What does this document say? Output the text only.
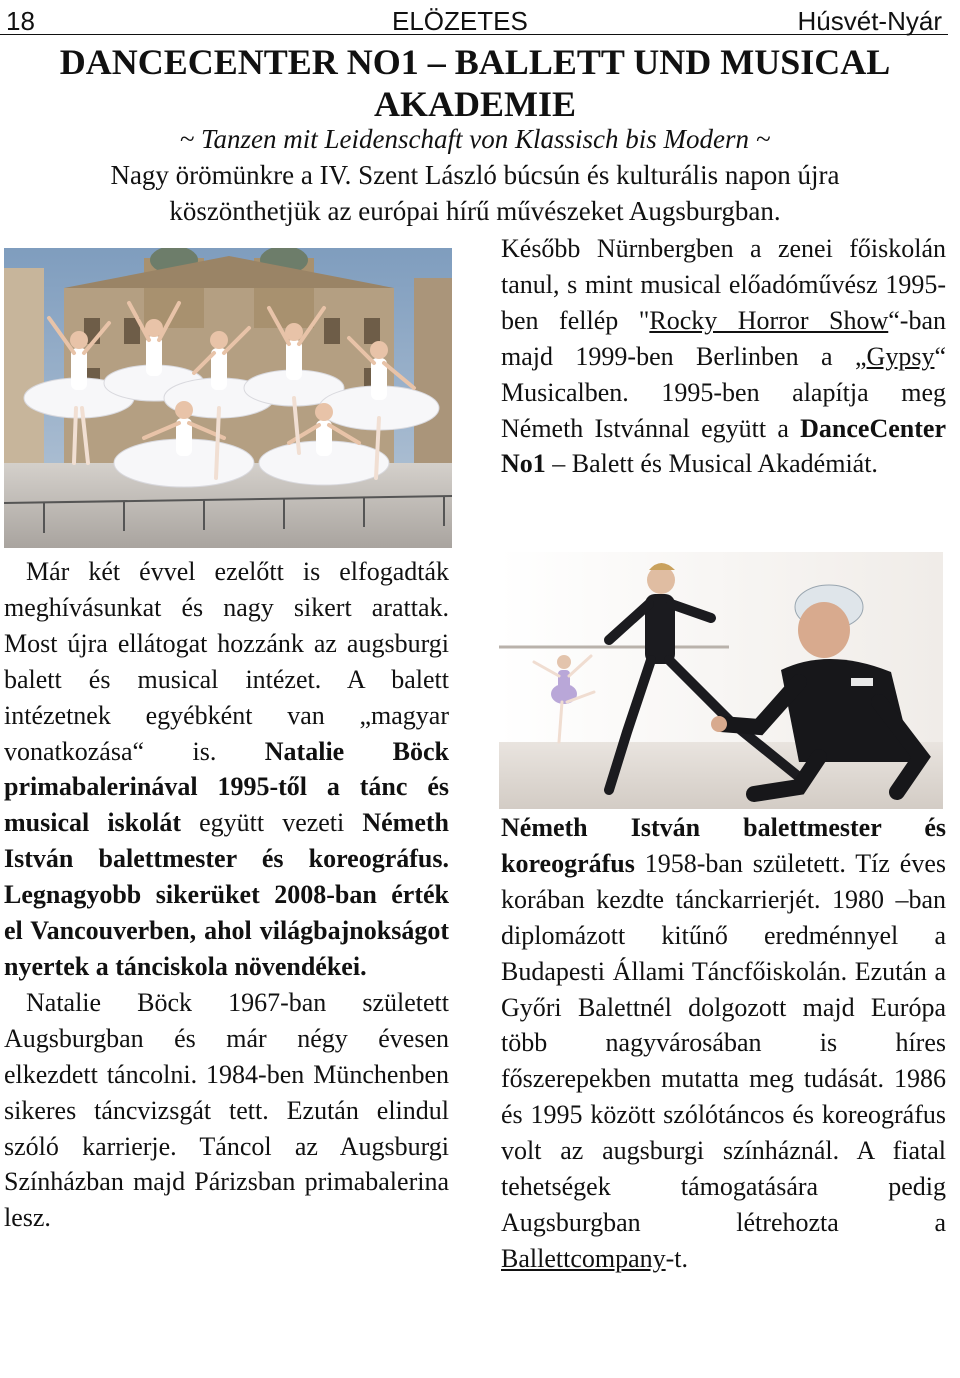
18	ELÖZETES	Húsvét-Nyár
DANCECENTER NO1 – BALLETT UND MUSICAL
AKADEMIE

~ Tanzen mit Leidenschaft von Klassisch bis Modern ~

Nagy örömünkre a IV. Szent László búcsún és kulturális napon újra
köszönthetjük az európai hírű művészeket Augsburgban.

Már két évvel ezelőtt is elfogadták meghívásunkat és nagy sikert arattak. Most újra ellátogat hozzánk az augsburgi balett és musical intézet. A balett intézetnek egyébként van „magyar vonatkozása“ is. Natalie Böck primabalerinával 1995-től a tánc és musical iskolát együtt vezeti Németh István balettmester és koreográfus. Legnagyobb sikerüket 2008-ban érték el Vancouverben, ahol világbajnokságot nyertek a tánciskola növendékei.

Natalie Böck 1967-ban született Augsburgban és már négy évesen elkezdett táncolni. 1984-ben Münchenben sikeres táncvizsgát tett. Ezután elindul szóló karrierje. Táncol az Augsburgi Színházban majd Párizsban primabalerina lesz.

Később Nürnbergben a zenei főiskolán tanul, s mint musical előadóművész 1995-ben fellép "Rocky Horror Show“-ban majd 1999-ben Berlinben a „Gypsy“ Musicalben. 1995-ben alapítja meg Németh Istvánnal együtt a DanceCenter No1 – Balett és Musical Akadémiát.

Németh István balettmester és koreográfus 1958-ban született. Tíz éves korában kezdte tánckarrierjét. 1980 –ban diplomázott kitűnő eredménnyel a Budapesti Állami Táncfőiskolán. Ezután a Győri Balettnél dolgozott majd Európa több nagyvárosában is híres főszerepekben mutatta meg tudását. 1986 és 1995 között szólótáncos és koreográfus volt az augsburgi színháznál. A fiatal tehetségek támogatására pedig Augsburgban létrehozta a Ballettcompany-t.
